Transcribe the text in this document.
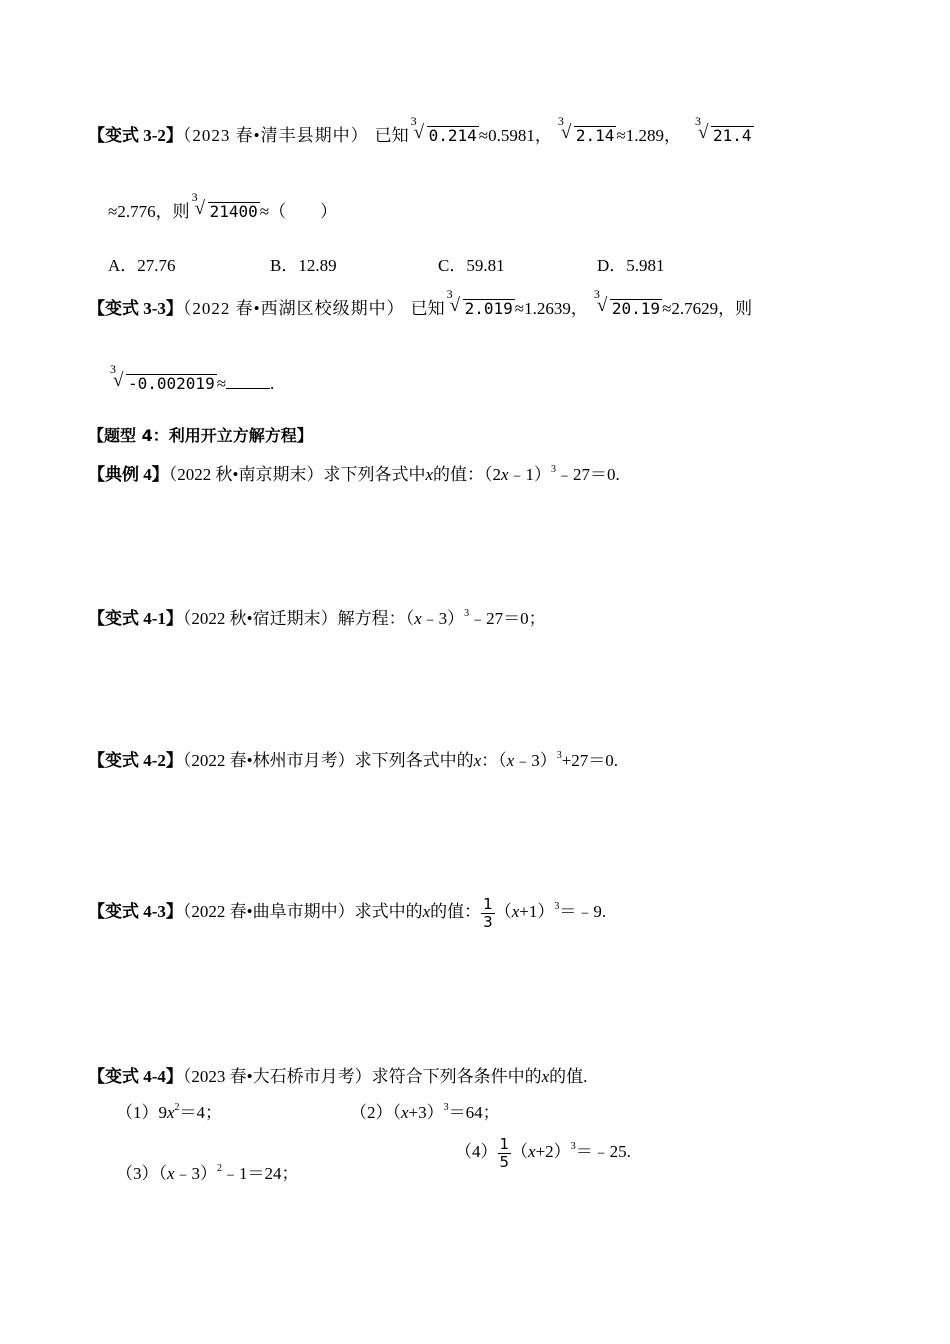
【变式 3-2】（2023 春•清丰县期中） 已知
3
√ 0.214 ≈0.5981，
3
√ 2.14 ≈1.289，
3
√ 21.4
≈2.776，则
3
√ 21400 ≈（　　）
A．27.76	B．12.89	C．59.81	D．5.981
【变式 3-3】（2022 春•西湖区校级期中） 已知
3
√ 2.019 ≈1.2639，
3
√ 20.19 ≈2.7629，则
3
√ -0.002019 ≈	.
【题型 4：利用开立方解方程】
【典例 4】（2022 秋•南京期末）求下列各式中x的值：（2x﹣1）$^3$﹣27＝0.
【变式 4-1】（2022 秋•宿迁期末）解方程：（x﹣3）$^3$﹣27＝0；
【变式 4-2】（2022 春•林州市月考）求下列各式中的x：（x﹣3）$^3$+27＝0.
【变式 4-3】（2022 春•曲阜市期中）求式中的x的值： $\frac{1}{3}$ $(x+1)^3=﹣9$.
【变式 4-4】（2023 春•大石桥市月考）求符合下列各条件中的x的值.
$(1)9x^2=4$；	$(2)(x+3)^3=64$；
（3）（x﹣3）$^2$﹣1＝24；
$(4) \frac{1}{5}$ $(x+2)^3=﹣25$.
